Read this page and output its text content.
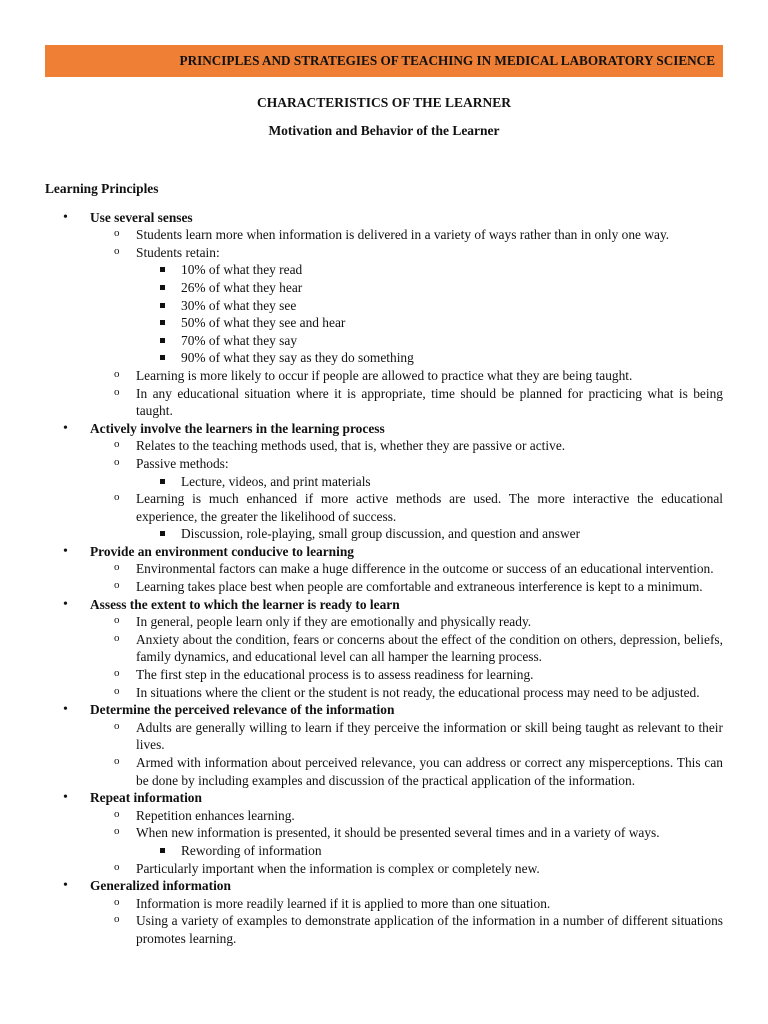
PRINCIPLES AND STRATEGIES OF TEACHING IN MEDICAL LABORATORY SCIENCE
CHARACTERISTICS OF THE LEARNER
Motivation and Behavior of the Learner
Learning Principles
• Use several senses
o Students learn more when information is delivered in a variety of ways rather than in only one way.
o Students retain:
10% of what they read
26% of what they hear
30% of what they see
50% of what they see and hear
70% of what they say
90% of what they say as they do something
o Learning is more likely to occur if people are allowed to practice what they are being taught.
o In any educational situation where it is appropriate, time should be planned for practicing what is being taught.
• Actively involve the learners in the learning process
o Relates to the teaching methods used, that is, whether they are passive or active.
o Passive methods:
Lecture, videos, and print materials
o Learning is much enhanced if more active methods are used. The more interactive the educational experience, the greater the likelihood of success.
Discussion, role-playing, small group discussion, and question and answer
• Provide an environment conducive to learning
o Environmental factors can make a huge difference in the outcome or success of an educational intervention.
o Learning takes place best when people are comfortable and extraneous interference is kept to a minimum.
• Assess the extent to which the learner is ready to learn
o In general, people learn only if they are emotionally and physically ready.
o Anxiety about the condition, fears or concerns about the effect of the condition on others, depression, beliefs, family dynamics, and educational level can all hamper the learning process.
o The first step in the educational process is to assess readiness for learning.
o In situations where the client or the student is not ready, the educational process may need to be adjusted.
• Determine the perceived relevance of the information
o Adults are generally willing to learn if they perceive the information or skill being taught as relevant to their lives.
o Armed with information about perceived relevance, you can address or correct any misperceptions. This can be done by including examples and discussion of the practical application of the information.
• Repeat information
o Repetition enhances learning.
o When new information is presented, it should be presented several times and in a variety of ways.
Rewording of information
o Particularly important when the information is complex or completely new.
• Generalized information
o Information is more readily learned if it is applied to more than one situation.
o Using a variety of examples to demonstrate application of the information in a number of different situations promotes learning.
